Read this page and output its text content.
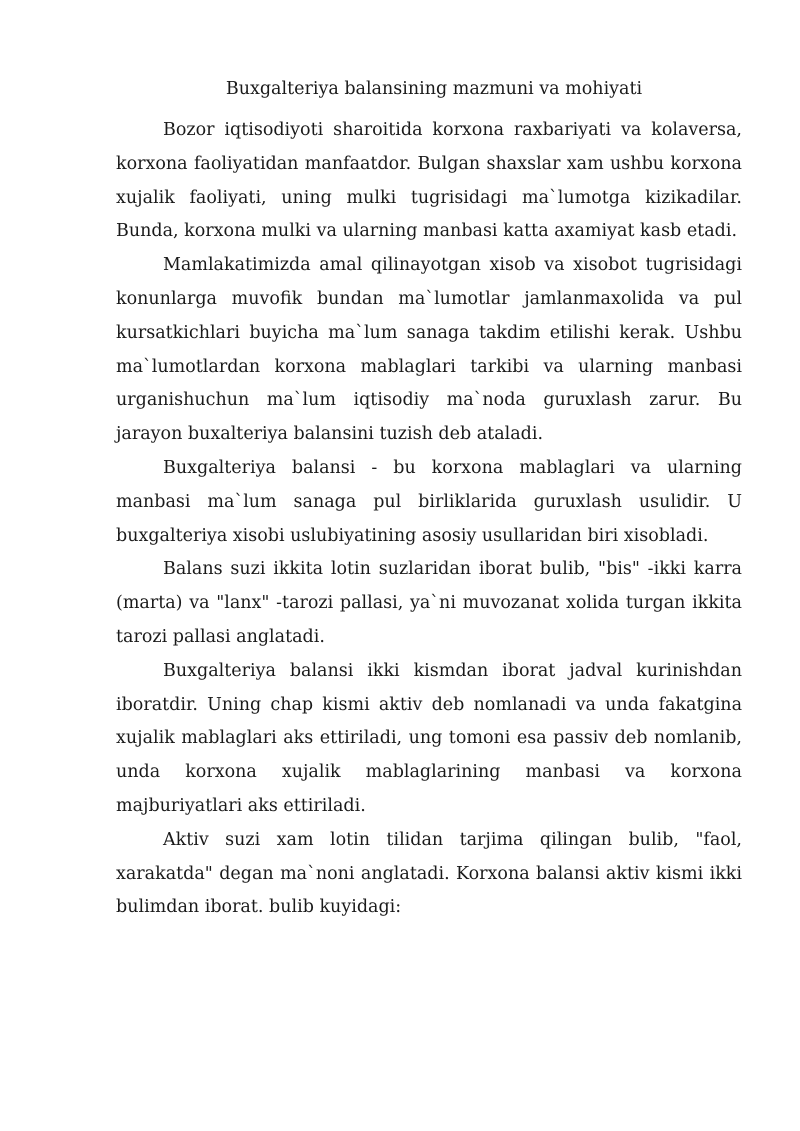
Buxgalteriya balansining mazmuni va mohiyati

Bozor iqtisodiyoti sharoitida korxona raxbariyati va kolaversa, korxona faoliyatidan manfaatdor. Bulgan shaxslar xam ushbu korxona xujalik faoliyati, uning mulki tugrisidagi ma`lumotga kizikadilar. Bunda, korxona mulki va ularning manbasi katta axamiyat kasb etadi.

Mamlakatimizda amal qilinayotgan xisob va xisobot tugrisidagi konunlarga muvofik bundan ma`lumotlar jamlanmaxolida va pul kursatkichlari buyicha ma`lum sanaga takdim etilishi kerak. Ushbu ma`lumotlardan korxona mablaglari tarkibi va ularning manbasi urganishuchun ma`lum iqtisodiy ma`noda guruxlash zarur. Bu jarayon buxalteriya balansini tuzish deb ataladi.

Buxgalteriya balansi - bu korxona mablaglari va ularning manbasi ma`lum sanaga pul birliklarida guruxlash usulidir. U buxgalteriya xisobi uslubiyatining asosiy usullaridan biri xisobladi.

Balans suzi ikkita lotin suzlaridan iborat bulib, "bis" -ikki karra (marta) va "lanx" -tarozi pallasi, ya`ni muvozanat xolida turgan ikkita tarozi pallasi anglatadi.

Buxgalteriya balansi ikki kismdan iborat jadval kurinishdan iboratdir. Uning chap kismi aktiv deb nomlanadi va unda fakatgina xujalik mablaglari aks ettiriladi, ung tomoni esa passiv deb nomlanib, unda korxona xujalik mablaglarining manbasi va korxona majburiyatlari aks ettiriladi.

Aktiv suzi xam lotin tilidan tarjima qilingan bulib, "faol, xarakatda" degan ma`noni anglatadi. Korxona balansi aktiv kismi ikki bulimdan iborat. bulib kuyidagi:
